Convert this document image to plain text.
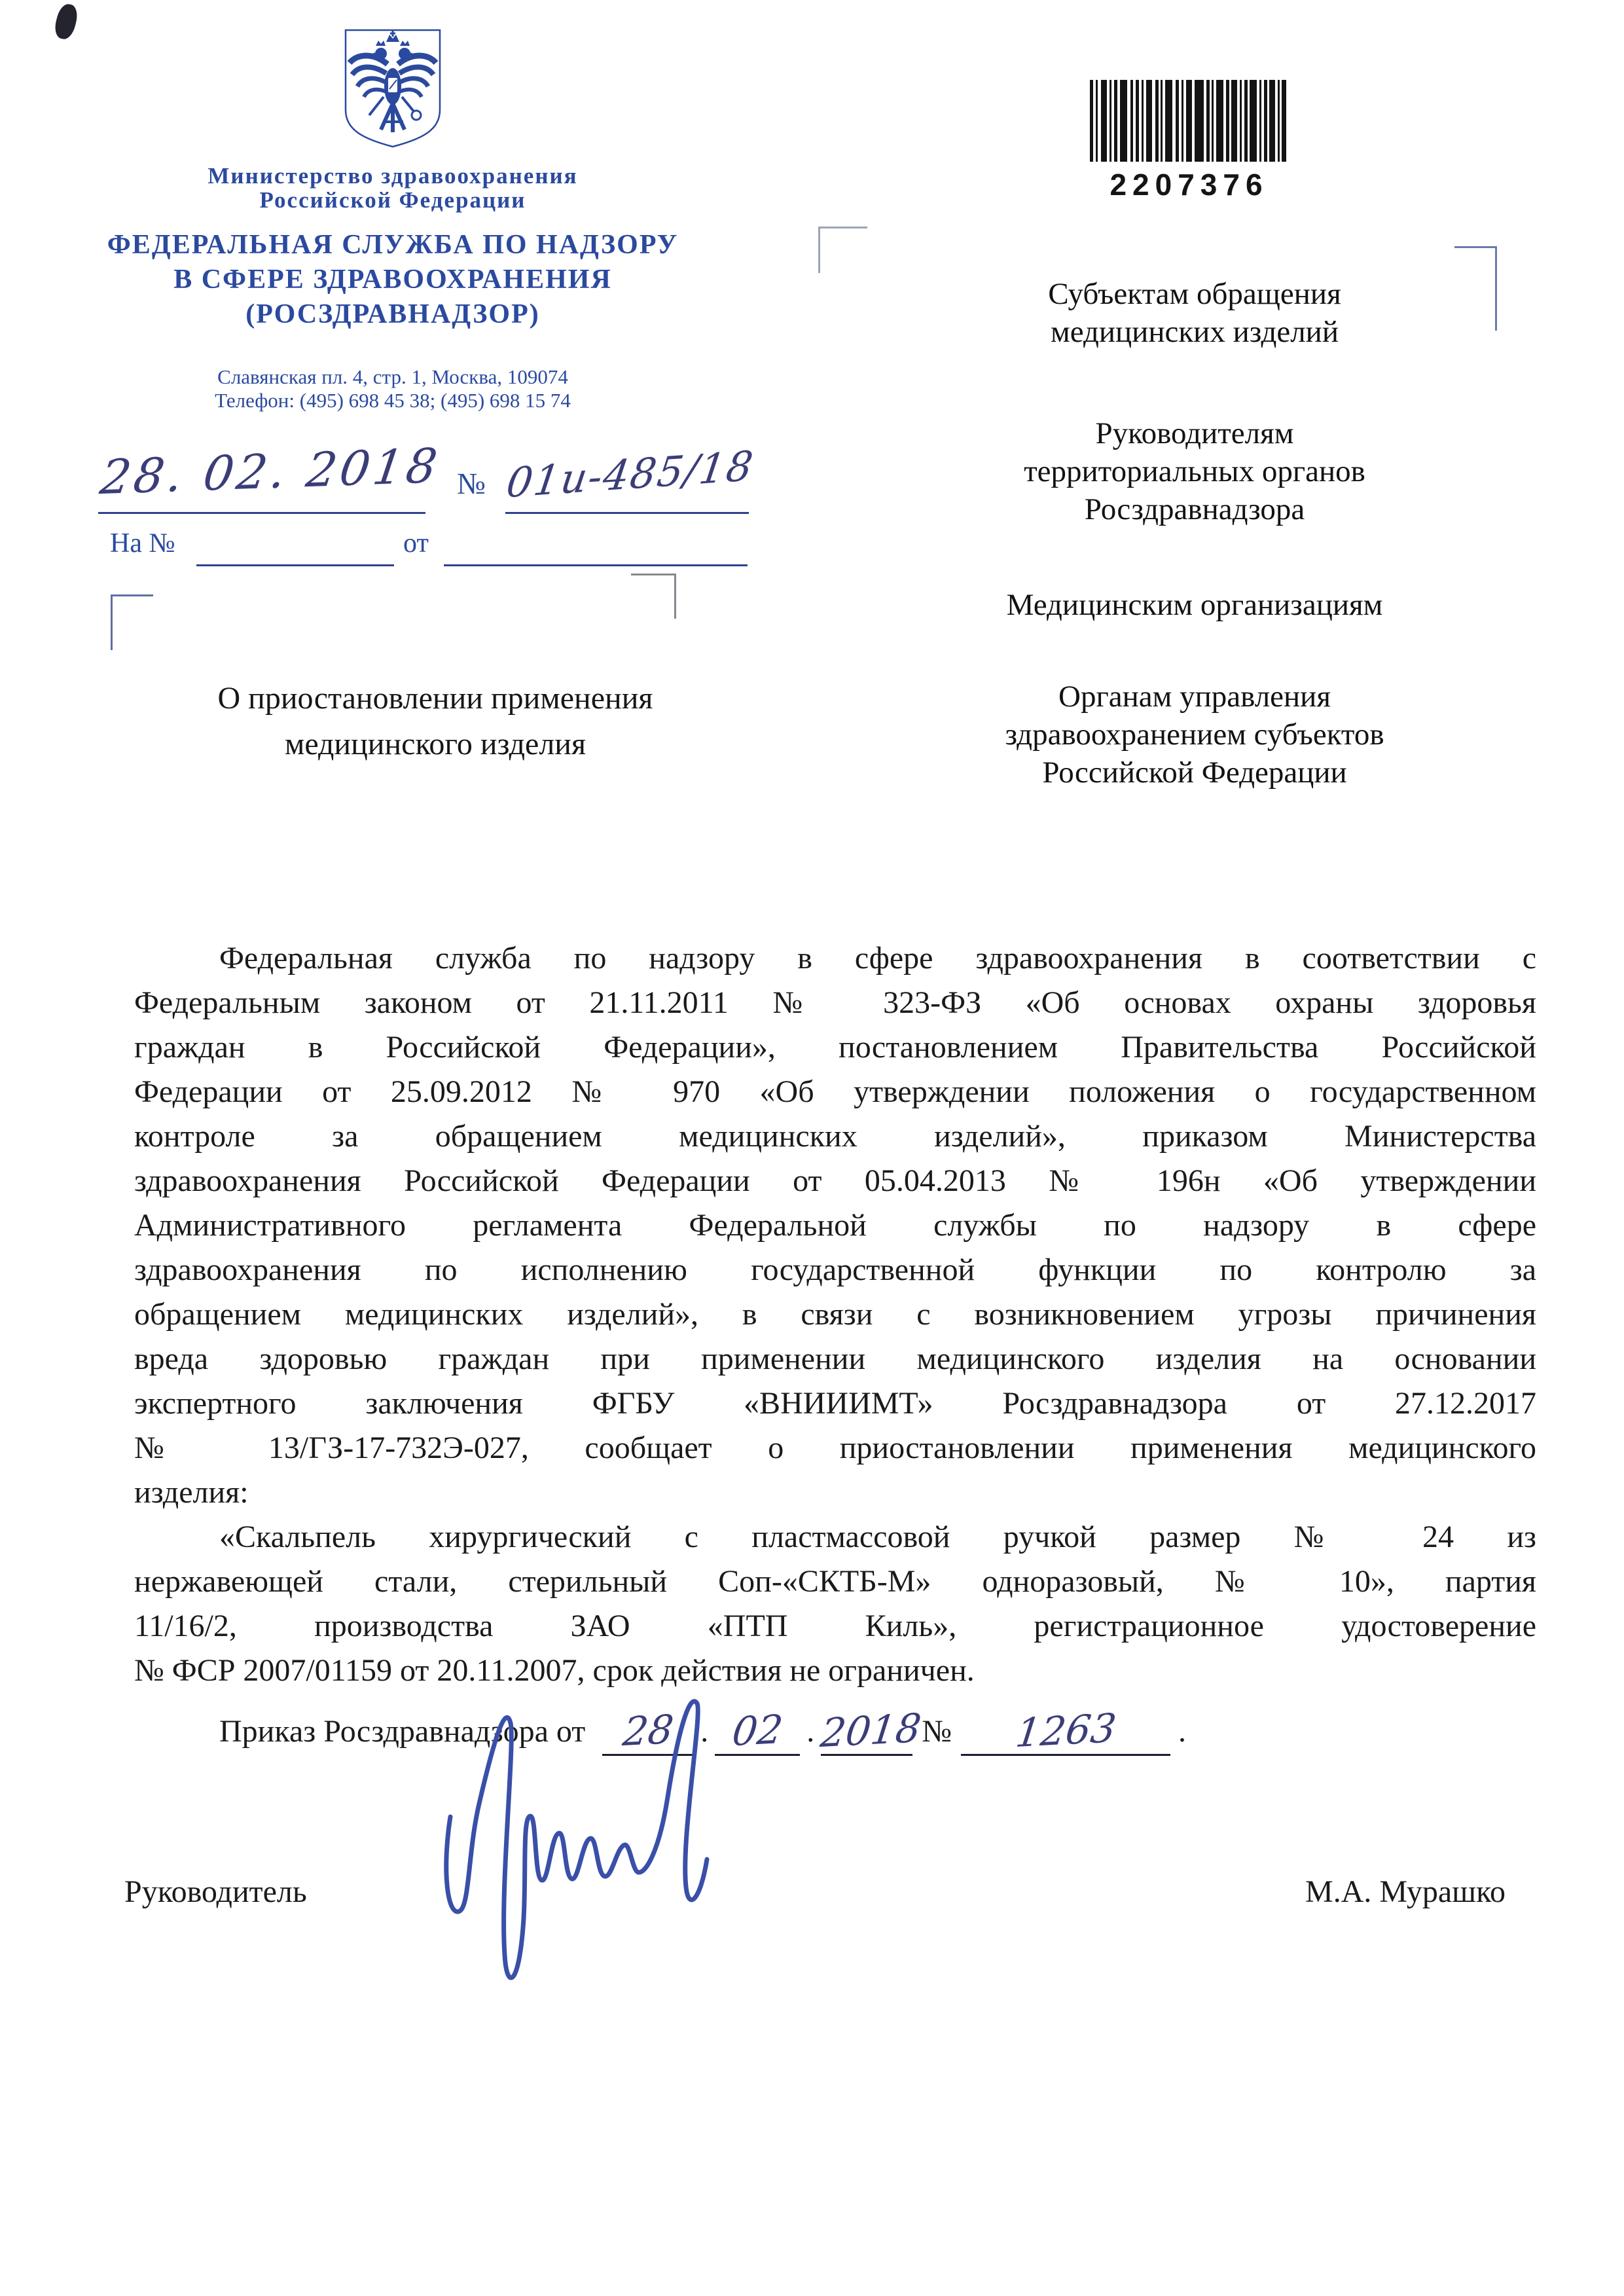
Министерство здравоохранения
Российской Федерации
ФЕДЕРАЛЬНАЯ СЛУЖБА ПО НАДЗОРУ
В СФЕРЕ ЗДРАВООХРАНЕНИЯ
(РОСЗДРАВНАДЗОР)
Славянская пл. 4, стр. 1, Москва, 109074
Телефон: (495) 698 45 38; (495) 698 15 74
2207376
28. 02. 2018 № 01и-485/18
На №	от
О приостановлении применения
медицинского изделия
Субъектам обращения
медицинских изделий
Руководителям
территориальных органов
Росздравнадзора
Медицинским организациям
Органам управления
здравоохранением субъектов
Российской Федерации
Федеральная служба по надзору в сфере здравоохранения в соответствии с
Федеральным законом от 21.11.2011 № 323-ФЗ «Об основах охраны здоровья
граждан в Российской Федерации», постановлением Правительства Российской
Федерации от 25.09.2012 № 970 «Об утверждении положения о государственном
контроле за обращением медицинских изделий», приказом Министерства
здравоохранения Российской Федерации от 05.04.2013 № 196н «Об утверждении
Административного регламента Федеральной службы по надзору в сфере
здравоохранения по исполнению государственной функции по контролю за
обращением медицинских изделий», в связи с возникновением угрозы причинения
вреда здоровью граждан при применении медицинского изделия на основании
экспертного заключения ФГБУ «ВНИИИМТ» Росздравнадзора от 27.12.2017
№ 13/ГЗ-17-732Э-027, сообщает о приостановлении применения медицинского
изделия:
«Скальпель хирургический с пластмассовой ручкой размер № 24 из
нержавеющей стали, стерильный Соп-«СКТБ-М» одноразовый, № 10», партия
11/16/2, производства ЗАО «ПТП Киль», регистрационное удостоверение
№ ФСР 2007/01159 от 20.11.2007, срок действия не ограничен.
Приказ Росздравнадзора от 28 . 02 .2018№ 1263 .
Руководитель	М.А. Мурашко
